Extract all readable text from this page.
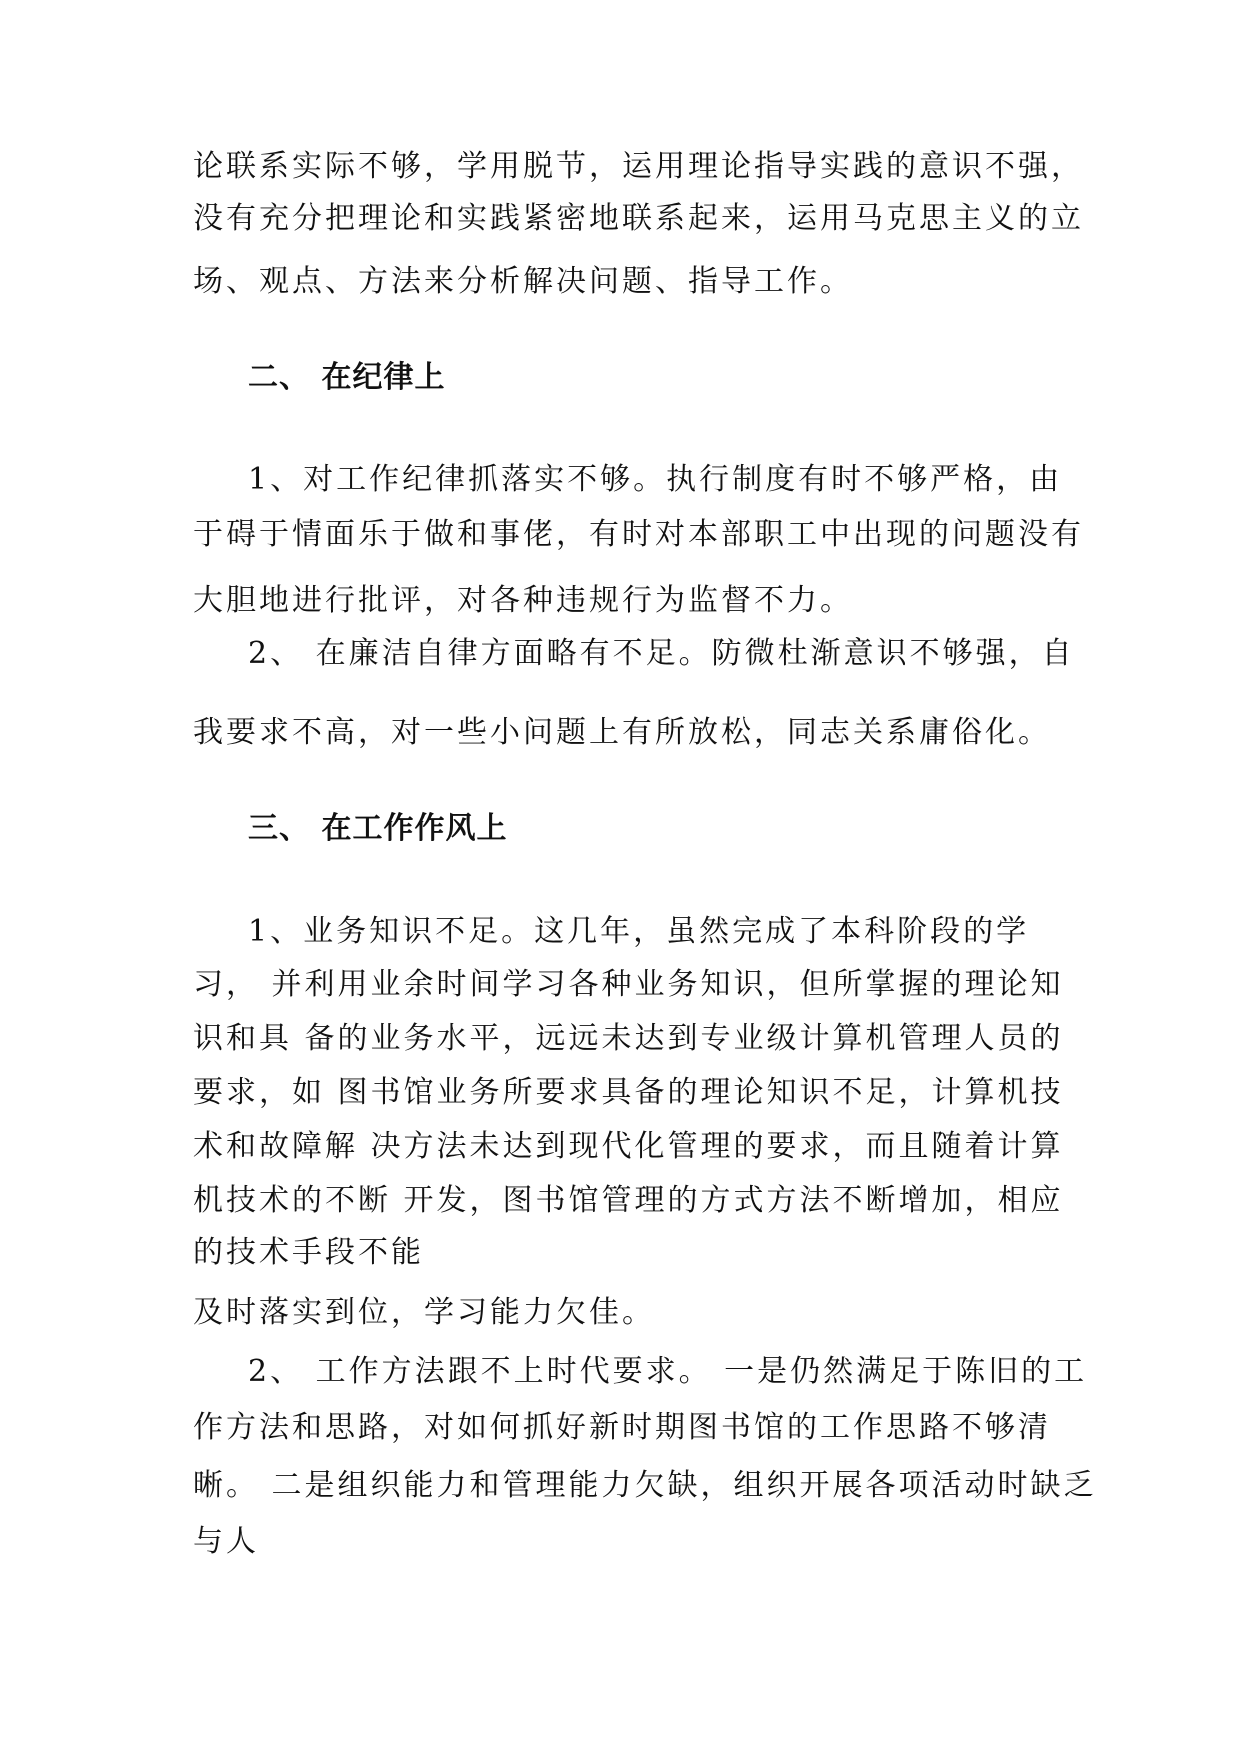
论联系实际不够，学用脱节，运用理论指导实践的意识不强，
没有充分把理论和实践紧密地联系起来，运用马克思主义的立
场、观点、方法来分析解决问题、指导工作。
二、 在纪律上
1、对工作纪律抓落实不够。执行制度有时不够严格，由
于碍于情面乐于做和事佬，有时对本部职工中出现的问题没有
大胆地进行批评，对各种违规行为监督不力。
2、 在廉洁自律方面略有不足。防微杜渐意识不够强，自
我要求不高，对一些小问题上有所放松，同志关系庸俗化。
三、 在工作作风上
1、业务知识不足。这几年，虽然完成了本科阶段的学
习， 并利用业余时间学习各种业务知识，但所掌握的理论知
识和具 备的业务水平，远远未达到专业级计算机管理人员的
要求，如 图书馆业务所要求具备的理论知识不足，计算机技
术和故障解 决方法未达到现代化管理的要求，而且随着计算
机技术的不断 开发，图书馆管理的方式方法不断增加，相应
的技术手段不能
及时落实到位，学习能力欠佳。
2、 工作方法跟不上时代要求。 一是仍然满足于陈旧的工
作方法和思路，对如何抓好新时期图书馆的工作思路不够清
晰。 二是组织能力和管理能力欠缺，组织开展各项活动时缺乏
与人
